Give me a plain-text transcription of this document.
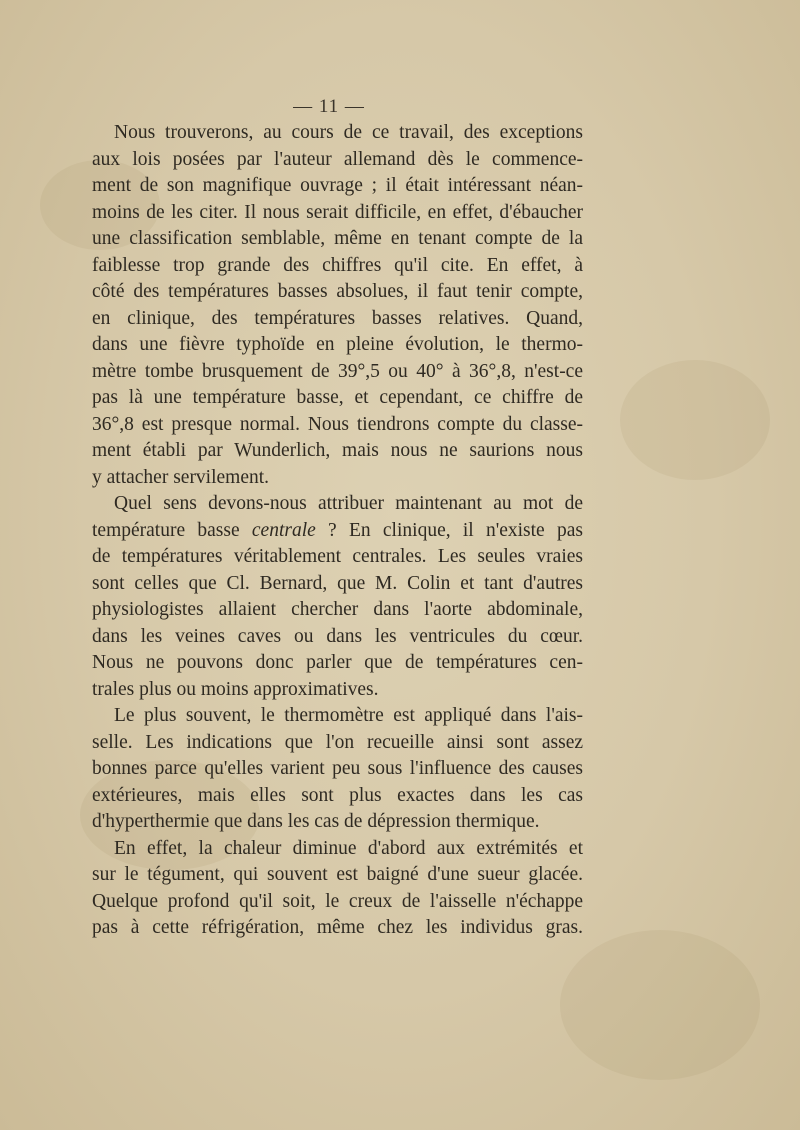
— 11 —

Nous trouverons, au cours de ce travail, des exceptions
aux lois posées par l'auteur allemand dès le commence-
ment de son magnifique ouvrage ; il était intéressant néan-
moins de les citer. Il nous serait difficile, en effet, d'ébaucher
une classification semblable, même en tenant compte de la
faiblesse trop grande des chiffres qu'il cite. En effet, à
côté des températures basses absolues, il faut tenir compte,
en clinique, des températures basses relatives. Quand,
dans une fièvre typhoïde en pleine évolution, le thermo-
mètre tombe brusquement de 39°,5 ou 40° à 36°,8, n'est-ce
pas là une température basse, et cependant, ce chiffre de
36°,8 est presque normal. Nous tiendrons compte du classe-
ment établi par Wunderlich, mais nous ne saurions nous
y attacher servilement.

Quel sens devons-nous attribuer maintenant au mot de
température basse centrale ? En clinique, il n'existe pas
de températures véritablement centrales. Les seules vraies
sont celles que Cl. Bernard, que M. Colin et tant d'autres
physiologistes allaient chercher dans l'aorte abdominale,
dans les veines caves ou dans les ventricules du cœur.
Nous ne pouvons donc parler que de températures cen-
trales plus ou moins approximatives.

Le plus souvent, le thermomètre est appliqué dans l'ais-
selle. Les indications que l'on recueille ainsi sont assez
bonnes parce qu'elles varient peu sous l'influence des causes
extérieures, mais elles sont plus exactes dans les cas
d'hyperthermie que dans les cas de dépression thermique.

En effet, la chaleur diminue d'abord aux extrémités et
sur le tégument, qui souvent est baigné d'une sueur glacée.
Quelque profond qu'il soit, le creux de l'aisselle n'échappe
pas à cette réfrigération, même chez les individus gras.
